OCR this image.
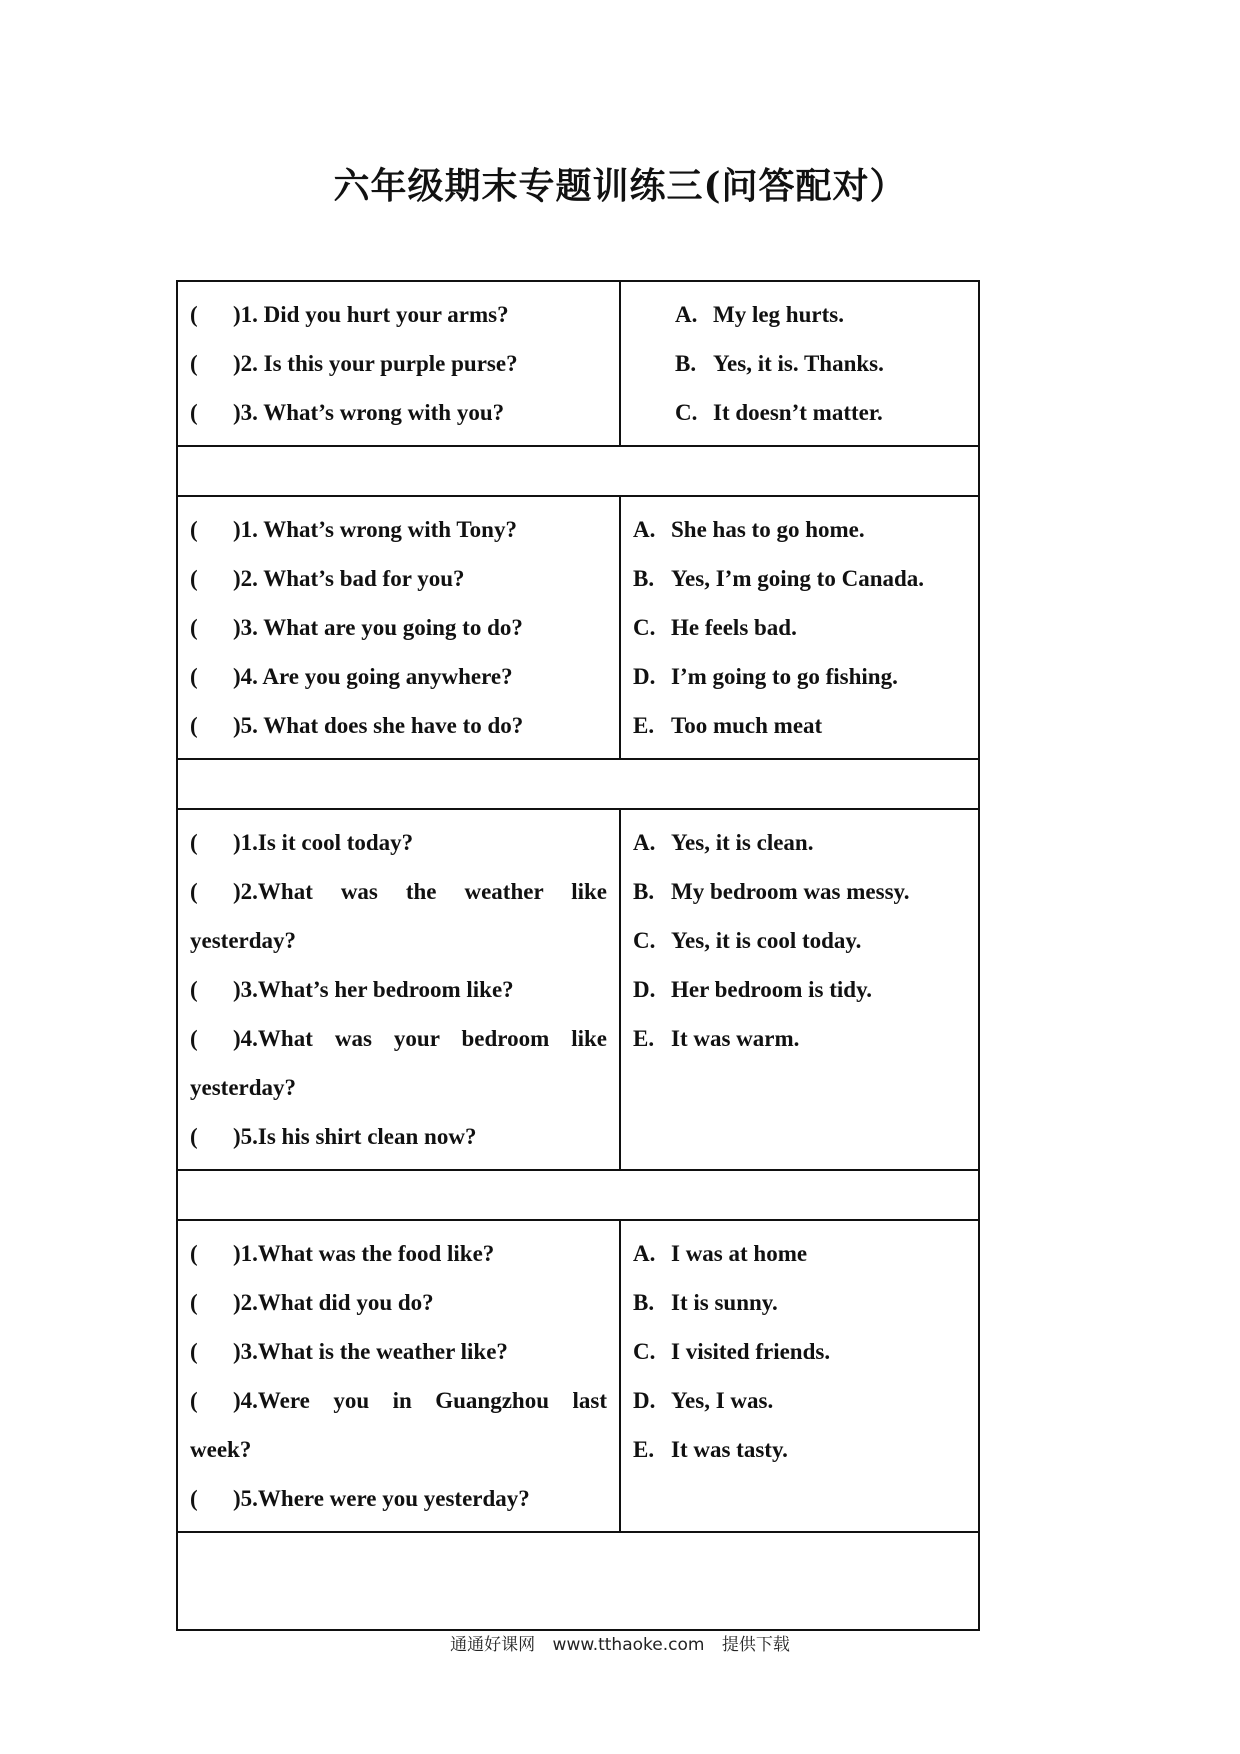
六年级期末专题训练三(问答配对）
( )1. Did you hurt your arms?
( )2. Is this your purple purse?
( )3. What’s wrong with you?
A. My leg hurts.
B. Yes, it is. Thanks.
C. It doesn’t matter.
( )1. What’s wrong with Tony?
( )2. What’s bad for you?
( )3. What are you going to do?
( )4. Are you going anywhere?
( )5. What does she have to do?
A. She has to go home.
B. Yes, I’m going to Canada.
C. He feels bad.
D. I’m going to go fishing.
E. Too much meat
( )1.Is it cool today?
( )2.What was the weather like
yesterday?
( )3.What’s her bedroom like?
( )4.What was your bedroom like
yesterday?
( )5.Is his shirt clean now?
A. Yes, it is clean.
B. My bedroom was messy.
C. Yes, it is cool today.
D. Her bedroom is tidy.
E. It was warm.
( )1.What was the food like?
( )2.What did you do?
( )3.What is the weather like?
( )4.Were you in Guangzhou last
week?
( )5.Where were you yesterday?
A. I was at home
B. It is sunny.
C. I visited friends.
D. Yes, I was.
E. It was tasty.
通通好课网 www.tthaoke.com 提供下载
